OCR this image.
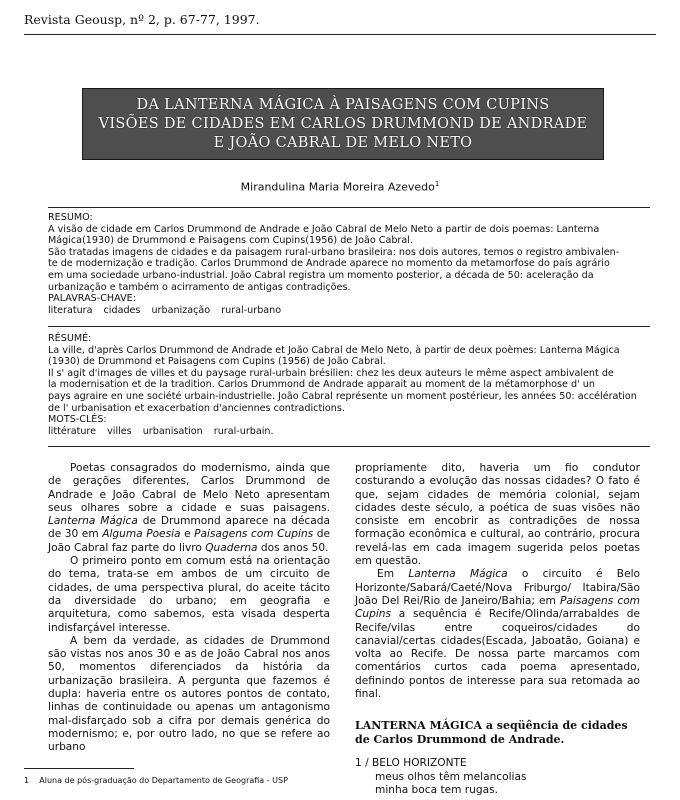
Revista Geousp, nº 2, p. 67-77, 1997.
DA LANTERNA MÁGICA À PAISAGENS COM CUPINS
VISÕES DE CIDADES EM CARLOS DRUMMOND DE ANDRADE
E JOÃO CABRAL DE MELO NETO
Mirandulina Maria Moreira Azevedo$^1$

RESUMO:

A visão de cidade em Carlos Drummond de Andrade e João Cabral de Melo Neto a partir de dois poemas: Lanterna

Mágica(1930) de Drummond e Paisagens com Cupins(1956) de João Cabral.

São tratadas imagens de cidades e da paisagem rural-urbano brasileira: nos dois autores, temos o registro ambivalen-

te de modernização e tradição. Carlos Drummond de Andrade aparece no momento da metamorfose do país agrário

em uma sociedade urbano-industrial. João Cabral registra um momento posterior, a década de 50: aceleração da

urbanização e também o acirramento de antigas contradições.

PALAVRAS-CHAVE:

literatura cidades urbanização rural-urbano

RÉSUMÉ:

La ville, d'après Carlos Drummond de Andrade et João Cabral de Melo Neto, à partir de deux poèmes: Lanterna Mágica

(1930) de Drummond et Paisagens com Cupins (1956) de João Cabral.

Il s' agit d'images de villes et du paysage rural-urbain brésilien: chez les deux auteurs le même aspect ambivalent de

la modernisation et de la tradition. Carlos Drummond de Andrade apparait au moment de la métamorphose d' un

pays agraire en une société urbain-industrielle. João Cabral représente un moment postérieur, les années 50: accélération

de l' urbanisation et exacerbation d'anciennes contradictions.

MOTS-CLÉS:

littérature villes urbanisation rural-urbain.

Poetas consagrados do modernismo, ainda que de gerações diferentes, Carlos Drummond de Andrade e João Cabral de Melo Neto apresentam seus olhares sobre a cidade e suas paisagens. Lanterna Mágica de Drummond aparece na década de 30 em Alguma Poesia e Paisagens com Cupins de João Cabral faz parte do livro Quaderna dos anos 50.

O primeiro ponto em comum está na orientação do tema, trata-se em ambos de um circuito de cidades, de uma perspectiva plural, do aceite tácito da diversidade do urbano; em geografia e arquitetura, como sabemos, esta visada desperta indisfarçável interesse.

A bem da verdade, as cidades de Drummond são vistas nos anos 30 e as de João Cabral nos anos 50, momentos diferenciados da história da urbanização brasileira. A pergunta que fazemos é dupla: haveria entre os autores pontos de contato, linhas de continuidade ou apenas um antagonismo mal-disfarçado sob a cifra por demais genérica do modernismo; e, por outro lado, no que se refere ao urbano

propriamente dito, haveria um fio condutor costurando a evolução das nossas cidades? O fato é que, sejam cidades de memória colonial, sejam cidades deste século, a poética de suas visões não consiste em encobrir as contradições de nossa formação econômica e cultural, ao contrário, procura revelá-las em cada imagem sugerida pelos poetas em questão.

Em Lanterna Mágica o circuito é Belo Horizonte/Sabará/Caeté/Nova Friburgo/ Itabira/São João Del Rei/Rio de Janeiro/Bahia; em Paisagens com Cupins a sequência é Recife/Olinda/arrabaldes de Recife/vilas entre coqueiros/cidades do canavial/certas cidades(Escada, Jaboatão, Goiana) e volta ao Recife. De nossa parte marcamos com comentários curtos cada poema apresentado, definindo pontos de interesse para sua retomada ao final.

LANTERNA MÁGICA a seqüência de cidades de Carlos Drummond de Andrade.

1 / BELO HORIZONTE

meus olhos têm melancolias

minha boca tem rugas.

1 Aluna de pós-graduação do Departamento de Geografia - USP
